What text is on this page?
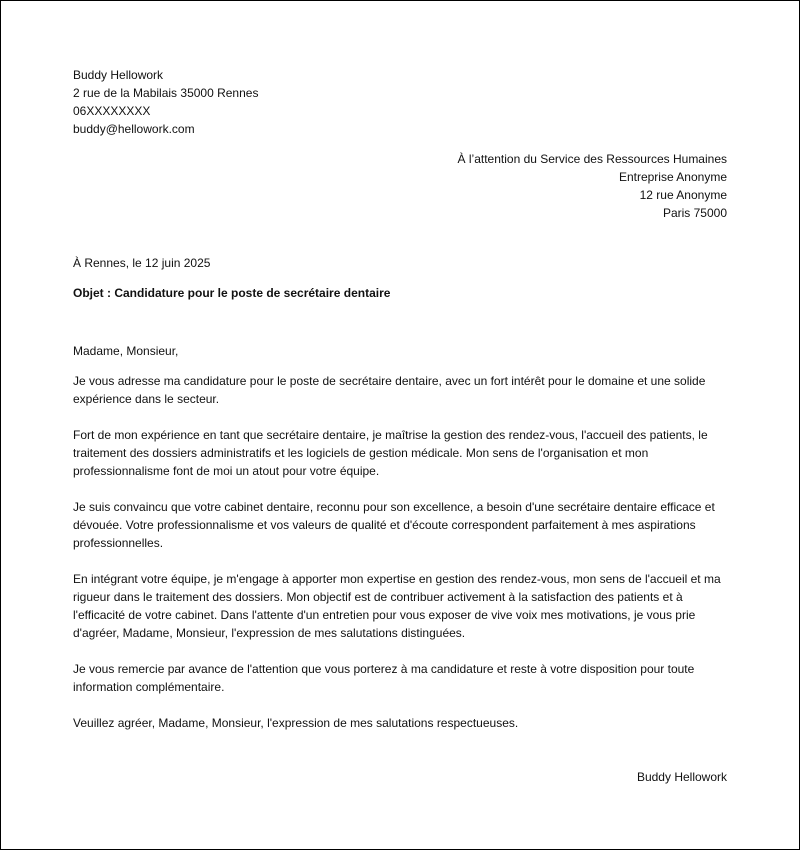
Buddy Hellowork
2 rue de la Mabilais 35000 Rennes
06XXXXXXXX
buddy@hellowork.com
À l’attention du Service des Ressources Humaines
Entreprise Anonyme
12 rue Anonyme
Paris 75000
À Rennes, le 12 juin 2025
Objet : Candidature pour le poste de secrétaire dentaire
Madame, Monsieur,

Je vous adresse ma candidature pour le poste de secrétaire dentaire, avec un fort intérêt pour le domaine et une solide expérience dans le secteur.

Fort de mon expérience en tant que secrétaire dentaire, je maîtrise la gestion des rendez-vous, l'accueil des patients, le traitement des dossiers administratifs et les logiciels de gestion médicale. Mon sens de l'organisation et mon professionnalisme font de moi un atout pour votre équipe.

Je suis convaincu que votre cabinet dentaire, reconnu pour son excellence, a besoin d'une secrétaire dentaire efficace et dévouée. Votre professionnalisme et vos valeurs de qualité et d'écoute correspondent parfaitement à mes aspirations professionnelles.

En intégrant votre équipe, je m'engage à apporter mon expertise en gestion des rendez-vous, mon sens de l'accueil et ma rigueur dans le traitement des dossiers. Mon objectif est de contribuer activement à la satisfaction des patients et à l'efficacité de votre cabinet. Dans l'attente d'un entretien pour vous exposer de vive voix mes motivations, je vous prie d'agréer, Madame, Monsieur, l'expression de mes salutations distinguées.

Je vous remercie par avance de l'attention que vous porterez à ma candidature et reste à votre disposition pour toute information complémentaire.

Veuillez agréer, Madame, Monsieur, l'expression de mes salutations respectueuses.

Buddy Hellowork
